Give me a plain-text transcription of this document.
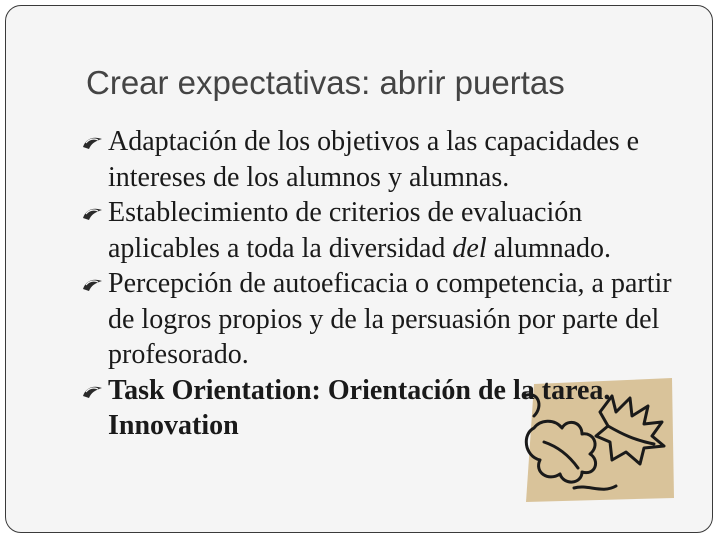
Crear expectativas: abrir puertas
Adaptación de los objetivos a las capacidades e intereses de los alumnos y alumnas.
Establecimiento de criterios de evaluación aplicables a toda la diversidad del alumnado.
Percepción de autoeficacia o competencia, a partir de logros propios y de la persuasión por parte del profesorado.
Task Orientation: Orientación de la tarea. Innovation
